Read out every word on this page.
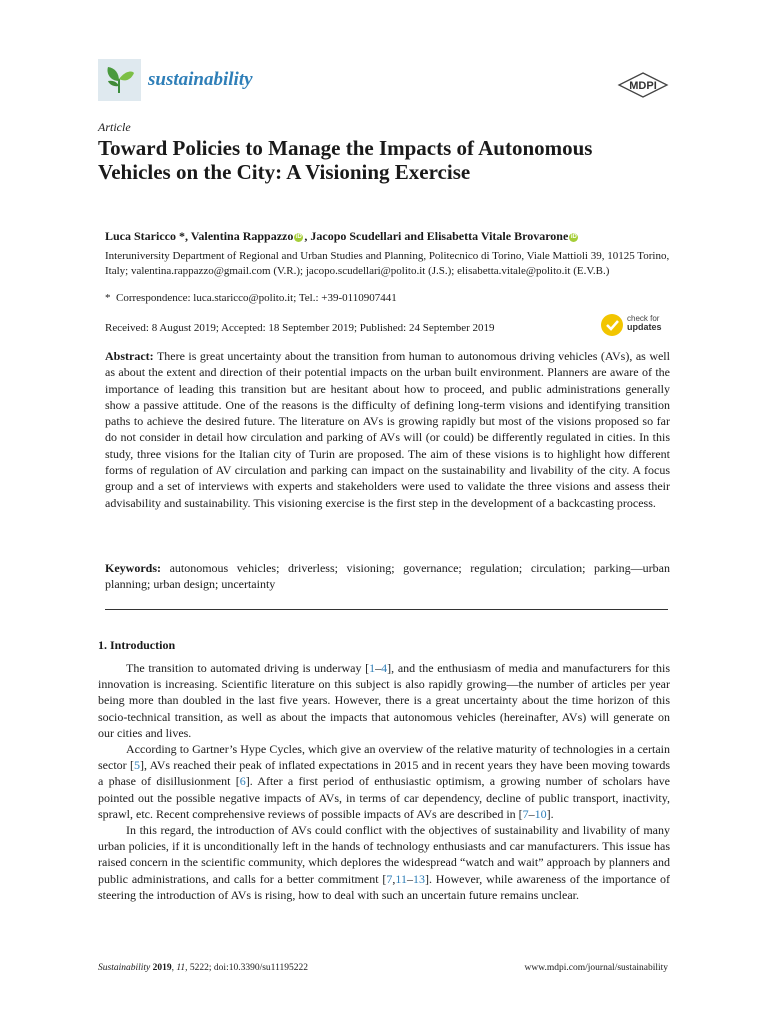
sustainability	MDPI
Article
Toward Policies to Manage the Impacts of Autonomous Vehicles on the City: A Visioning Exercise
Luca Staricco *, Valentina Rappazzo iD , Jacopo Scudellari and Elisabetta Vitale Brovarone iD
Interuniversity Department of Regional and Urban Studies and Planning, Politecnico di Torino, Viale Mattioli 39, 10125 Torino, Italy; valentina.rappazzo@gmail.com (V.R.); jacopo.scudellari@polito.it (J.S.); elisabetta.vitale@polito.it (E.V.B.)
* Correspondence: luca.staricco@polito.it; Tel.: +39-0110907441
Received: 8 August 2019; Accepted: 18 September 2019; Published: 24 September 2019
check for
updates
Abstract: There is great uncertainty about the transition from human to autonomous driving vehicles (AVs), as well as about the extent and direction of their potential impacts on the urban built environment. Planners are aware of the importance of leading this transition but are hesitant about how to proceed, and public administrations generally show a passive attitude. One of the reasons is the difficulty of defining long-term visions and identifying transition paths to achieve the desired future. The literature on AVs is growing rapidly but most of the visions proposed so far do not consider in detail how circulation and parking of AVs will (or could) be differently regulated in cities. In this study, three visions for the Italian city of Turin are proposed. The aim of these visions is to highlight how different forms of regulation of AV circulation and parking can impact on the sustainability and livability of the city. A focus group and a set of interviews with experts and stakeholders were used to validate the three visions and assess their advisability and sustainability. This visioning exercise is the first step in the development of a backcasting process.
Keywords: autonomous vehicles; driverless; visioning; governance; regulation; circulation; parking—urban planning; urban design; uncertainty
1. Introduction

The transition to automated driving is underway [1–4], and the enthusiasm of media and manufacturers for this innovation is increasing. Scientific literature on this subject is also rapidly growing—the number of articles per year being more than doubled in the last five years. However, there is a great uncertainty about the time horizon of this socio-technical transition, as well as about the impacts that autonomous vehicles (hereinafter, AVs) will generate on our cities and lives.

According to Gartner’s Hype Cycles, which give an overview of the relative maturity of technologies in a certain sector [5], AVs reached their peak of inflated expectations in 2015 and in recent years they have been moving towards a phase of disillusionment [6]. After a first period of enthusiastic optimism, a growing number of scholars have pointed out the possible negative impacts of AVs, in terms of car dependency, decline of public transport, inactivity, sprawl, etc. Recent comprehensive reviews of possible impacts of AVs are described in [7–10].

In this regard, the introduction of AVs could conflict with the objectives of sustainability and livability of many urban policies, if it is unconditionally left in the hands of technology enthusiasts and car manufacturers. This issue has raised concern in the scientific community, which deplores the widespread “watch and wait” approach by planners and public administrations, and calls for a better commitment [7,11–13]. However, while awareness of the importance of steering the introduction of AVs is rising, how to deal with such an uncertain future remains unclear.

Sustainability 2019, 11, 5222; doi:10.3390/su11195222	www.mdpi.com/journal/sustainability
